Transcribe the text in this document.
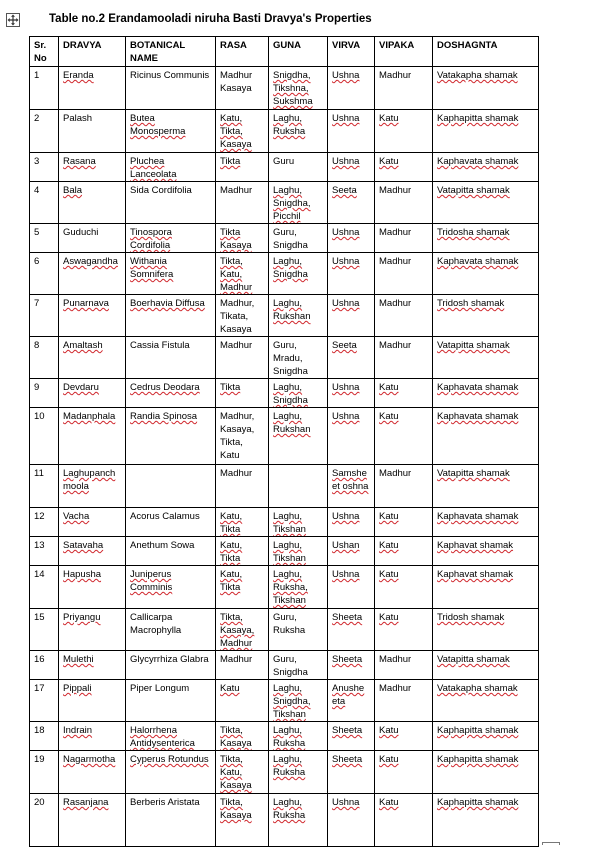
Table no.2 Erandamooladi niruha Basti Dravya's Properties
Sr. No	DRAVYA	BOTANICAL NAME	RASA	GUNA	VIRVA	VIPAKA	DOSHAGNTA
1	Eranda	Ricinus Communis	Madhur Kasaya	Snigdha, Tikshna, Sukshma	Ushna	Madhur	Vatakapha shamak
2	Palash	Butea Monosperma	Katu, Tikta, Kasaya	Laghu, Ruksha	Ushna	Katu	Kaphapitta shamak
3	Rasana	Pluchea Lanceolata	Tikta	Guru	Ushna	Katu	Kaphavata shamak
4	Bala	Sida Cordifolia	Madhur	Laghu, Snigdha, Picchil	Seeta	Madhur	Vatapitta shamak
5	Guduchi	Tinospora Cordifolia	Tikta Kasaya	Guru, Snigdha	Ushna	Madhur	Tridosha shamak
6	Aswagandha	Withania Somnifera	Tikta, Katu, Madhur	Laghu, Snigdha	Ushna	Madhur	Kaphavata shamak
7	Punarnava	Boerhavia Diffusa	Madhur, Tikata, Kasaya	Laghu, Rukshan	Ushna	Madhur	Tridosh shamak
8	Amaltash	Cassia Fistula	Madhur	Guru, Mradu, Snigdha	Seeta	Madhur	Vatapitta shamak
9	Devdaru	Cedrus Deodara	Tikta	Laghu, Snigdha	Ushna	Katu	Kaphavata shamak
10	Madanphala	Randia Spinosa	Madhur, Kasaya, Tikta, Katu	Laghu, Rukshan	Ushna	Katu	Kaphavata shamak
11	Laghupanch moola		Madhur		Samshe et oshna	Madhur	Vatapitta shamak
12	Vacha	Acorus Calamus	Katu, Tikta	Laghu, Tikshan	Ushna	Katu	Kaphavata shamak
13	Satavaha	Anethum Sowa	Katu, Tikta	Laghu, Tikshan	Ushan	Katu	Kaphavat shamak
14	Hapusha	Juniperus Comminis	Katu, Tikta	Laghu, Ruksha, Tikshan	Ushna	Katu	Kaphavat shamak
15	Priyangu	Callicarpa Macrophylla	Tikta, Kasaya, Madhur	Guru, Ruksha	Sheeta	Katu	Tridosh shamak
16	Mulethi	Glycyrrhiza Glabra	Madhur	Guru, Snigdha	Sheeta	Madhur	Vatapitta shamak
17	Pippali	Piper Longum	Katu	Laghu, Snigdha, Tikshan	Anushe eta	Madhur	Vatakapha shamak
18	Indrain	Halorrhena Antidysenterica	Tikta, Kasaya	Laghu, Ruksha	Sheeta	Katu	Kaphapitta shamak
19	Nagarmotha	Cyperus Rotundus	Tikta, Katu, Kasaya	Laghu, Ruksha	Sheeta	Katu	Kaphapitta shamak
20	Rasanjana	Berberis Aristata	Tikta, Kasaya	Laghu, Ruksha	Ushna	Katu	Kaphapitta shamak
